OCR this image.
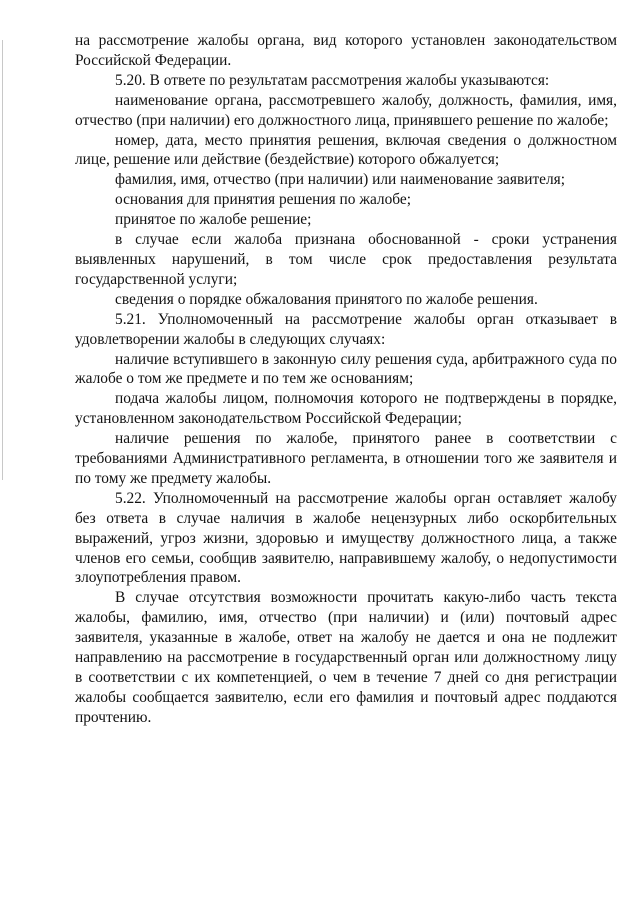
на рассмотрение жалобы органа, вид которого установлен законодательством Российской Федерации.

5.20. В ответе по результатам рассмотрения жалобы указываются:

наименование органа, рассмотревшего жалобу, должность, фамилия, имя, отчество (при наличии) его должностного лица, принявшего решение по жалобе;

номер, дата, место принятия решения, включая сведения о должностном лице, решение или действие (бездействие) которого обжалуется;

фамилия, имя, отчество (при наличии) или наименование заявителя;

основания для принятия решения по жалобе;

принятое по жалобе решение;

в случае если жалоба признана обоснованной - сроки устранения выявленных нарушений, в том числе срок предоставления результата государственной услуги;

сведения о порядке обжалования принятого по жалобе решения.

5.21. Уполномоченный на рассмотрение жалобы орган отказывает в удовлетворении жалобы в следующих случаях:

наличие вступившего в законную силу решения суда, арбитражного суда по жалобе о том же предмете и по тем же основаниям;

подача жалобы лицом, полномочия которого не подтверждены в порядке, установленном законодательством Российской Федерации;

наличие решения по жалобе, принятого ранее в соответствии с требованиями Административного регламента, в отношении того же заявителя и по тому же предмету жалобы.

5.22. Уполномоченный на рассмотрение жалобы орган оставляет жалобу без ответа в случае наличия в жалобе нецензурных либо оскорбительных выражений, угроз жизни, здоровью и имуществу должностного лица, а также членов его семьи, сообщив заявителю, направившему жалобу, о недопустимости злоупотребления правом.

В случае отсутствия возможности прочитать какую-либо часть текста жалобы, фамилию, имя, отчество (при наличии) и (или) почтовый адрес заявителя, указанные в жалобе, ответ на жалобу не дается и она не подлежит направлению на рассмотрение в государственный орган или должностному лицу в соответствии с их компетенцией, о чем в течение 7 дней со дня регистрации жалобы сообщается заявителю, если его фамилия и почтовый адрес поддаются прочтению.
